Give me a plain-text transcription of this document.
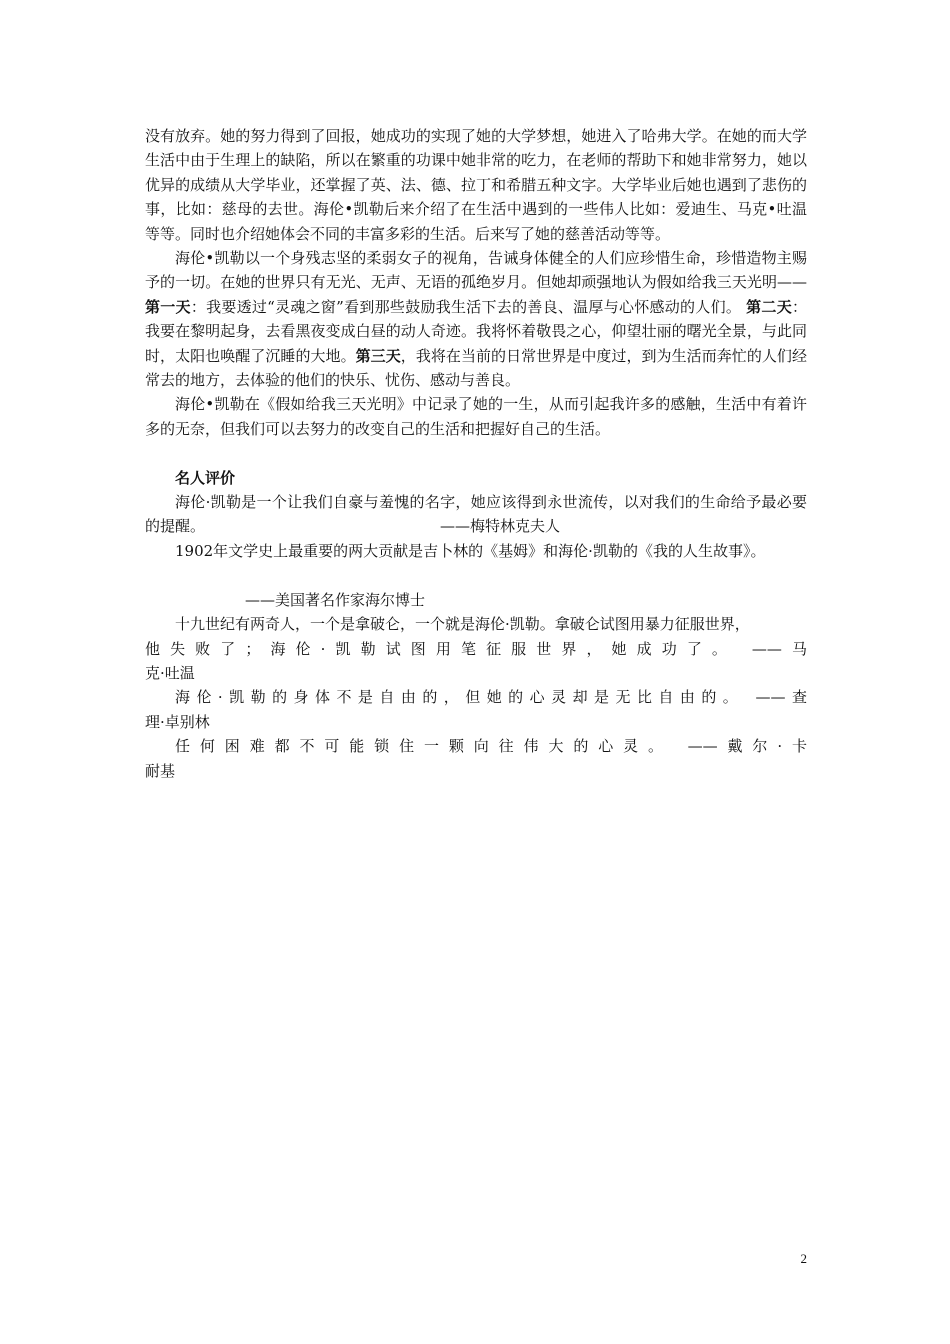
没有放弃。她的努力得到了回报，她成功的实现了她的大学梦想，她进入了哈弗大学。在她的而大学生活中由于生理上的缺陷，所以在繁重的功课中她非常的吃力，在老师的帮助下和她非常努力，她以优异的成绩从大学毕业，还掌握了英、法、德、拉丁和希腊五种文字。大学毕业后她也遇到了悲伤的事，比如：慈母的去世。海伦•凯勒后来介绍了在生活中遇到的一些伟人比如：爱迪生、马克•吐温等等。同时也介绍她体会不同的丰富多彩的生活。后来写了她的慈善活动等等。

海伦•凯勒以一个身残志坚的柔弱女子的视角，告诫身体健全的人们应珍惜生命，珍惜造物主赐予的一切。在她的世界只有无光、无声、无语的孤绝岁月。但她却顽强地认为假如给我三天光明—— 第一天：我要透过“灵魂之窗”看到那些鼓励我生活下去的善良、温厚与心怀感动的人们。 第二天：我要在黎明起身，去看黑夜变成白昼的动人奇迹。我将怀着敬畏之心，仰望壮丽的曙光全景，与此同时，太阳也唤醒了沉睡的大地。第三天，我将在当前的日常世界是中度过，到为生活而奔忙的人们经常去的地方，去体验的他们的快乐、忧伤、感动与善良。

海伦•凯勒在《假如给我三天光明》中记录了她的一生，从而引起我许多的感触，生活中有着许多的无奈，但我们可以去努力的改变自己的生活和把握好自己的生活。

名人评价

海伦·凯勒是一个让我们自豪与羞愧的名字，她应该得到永世流传，以对我们的生命给予最必要的提醒。	——梅特林克夫人

1902年文学史上最重要的两大贡献是吉卜林的《基姆》和海伦·凯勒的《我的人生故事》。

——美国著名作家海尔博士

十九世纪有两奇人，一个是拿破仑，一个就是海伦·凯勒。拿破仑试图用暴力征服世界，

他失败了；海伦·凯勒试图用笔征服世界，她成功了。 ——马

克·吐温

海伦·凯勒的身体不是自由的，但她的心灵却是无比自由的。 ——查

理·卓别林

任何困难都不可能锁住一颗向往伟大的心灵。 ——戴尔·卡

耐基

2
